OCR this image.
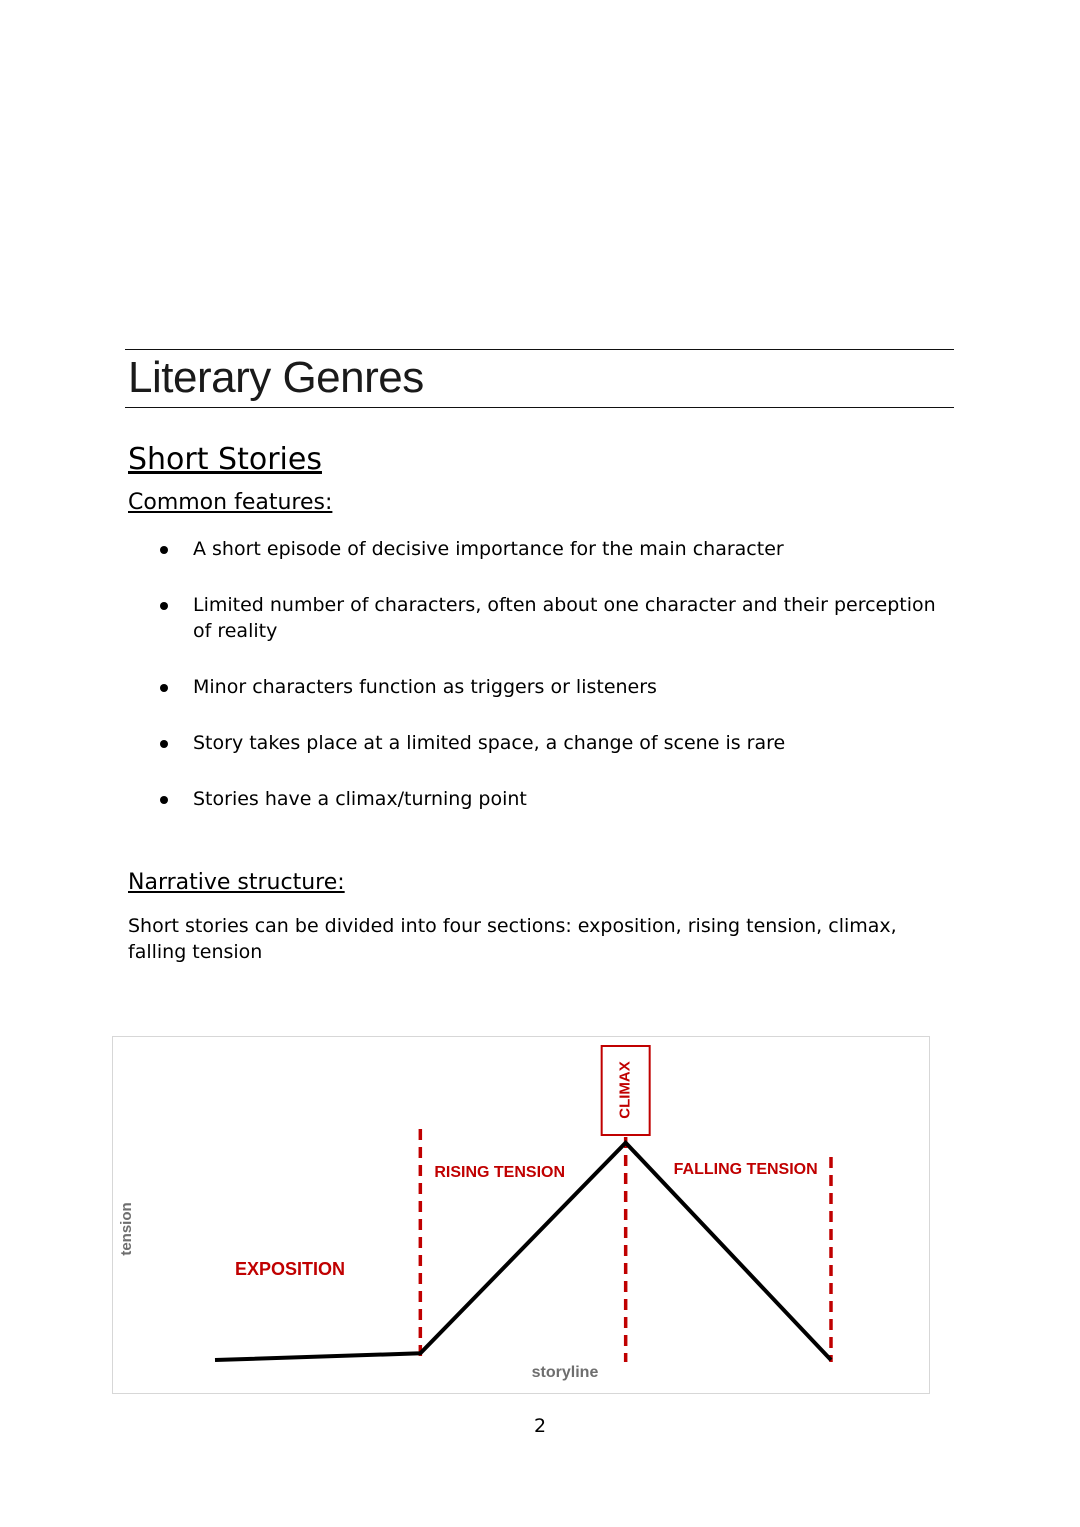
Literary Genres
Short Stories
Common features:
A short episode of decisive importance for the main character
Limited number of characters, often about one character and their perception of reality
Minor characters function as triggers or listeners
Story takes place at a limited space, a change of scene is rare
Stories have a climax/turning point
Narrative structure:

Short stories can be divided into four sections: exposition, rising tension, climax, falling tension

EXPOSITION
RISING TENSION
CLIMAX
FALLING TENSION
storyline
tension
2
